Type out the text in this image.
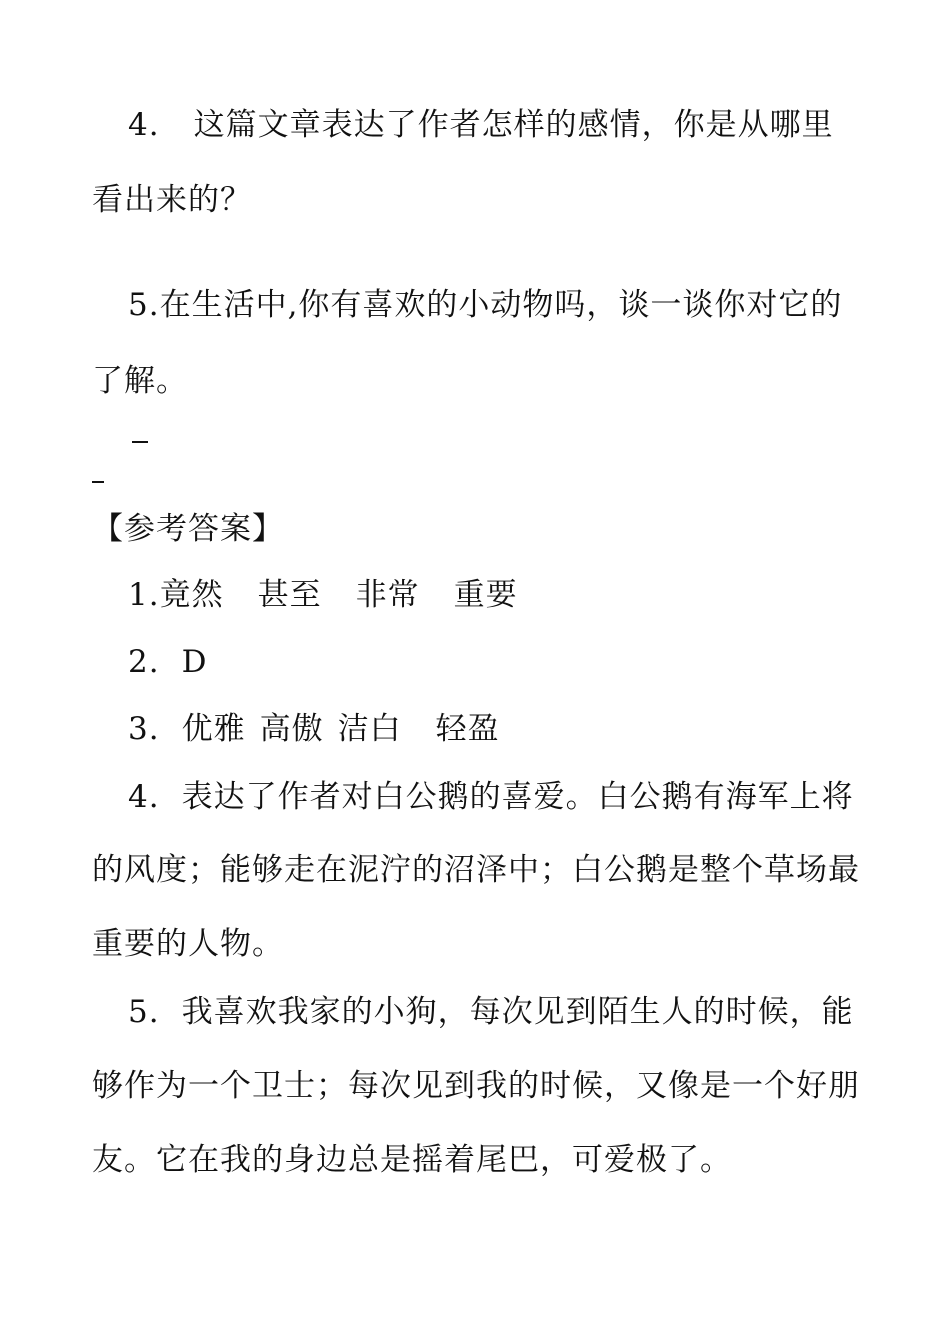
4. 这篇文章表达了作者怎样的感情，你是从哪里
看出来的？
5.在生活中,你有喜欢的小动物吗，谈一谈你对它的
了解。
【参考答案】
1.竟然 甚至 非常 重要
2. D
3. 优雅 高傲 洁白 轻盈
4. 表达了作者对白公鹅的喜爱。白公鹅有海军上将
的风度；能够走在泥泞的沼泽中；白公鹅是整个草场最
重要的人物。
5. 我喜欢我家的小狗，每次见到陌生人的时候，能
够作为一个卫士；每次见到我的时候，又像是一个好朋
友。它在我的身边总是摇着尾巴，可爱极了。
